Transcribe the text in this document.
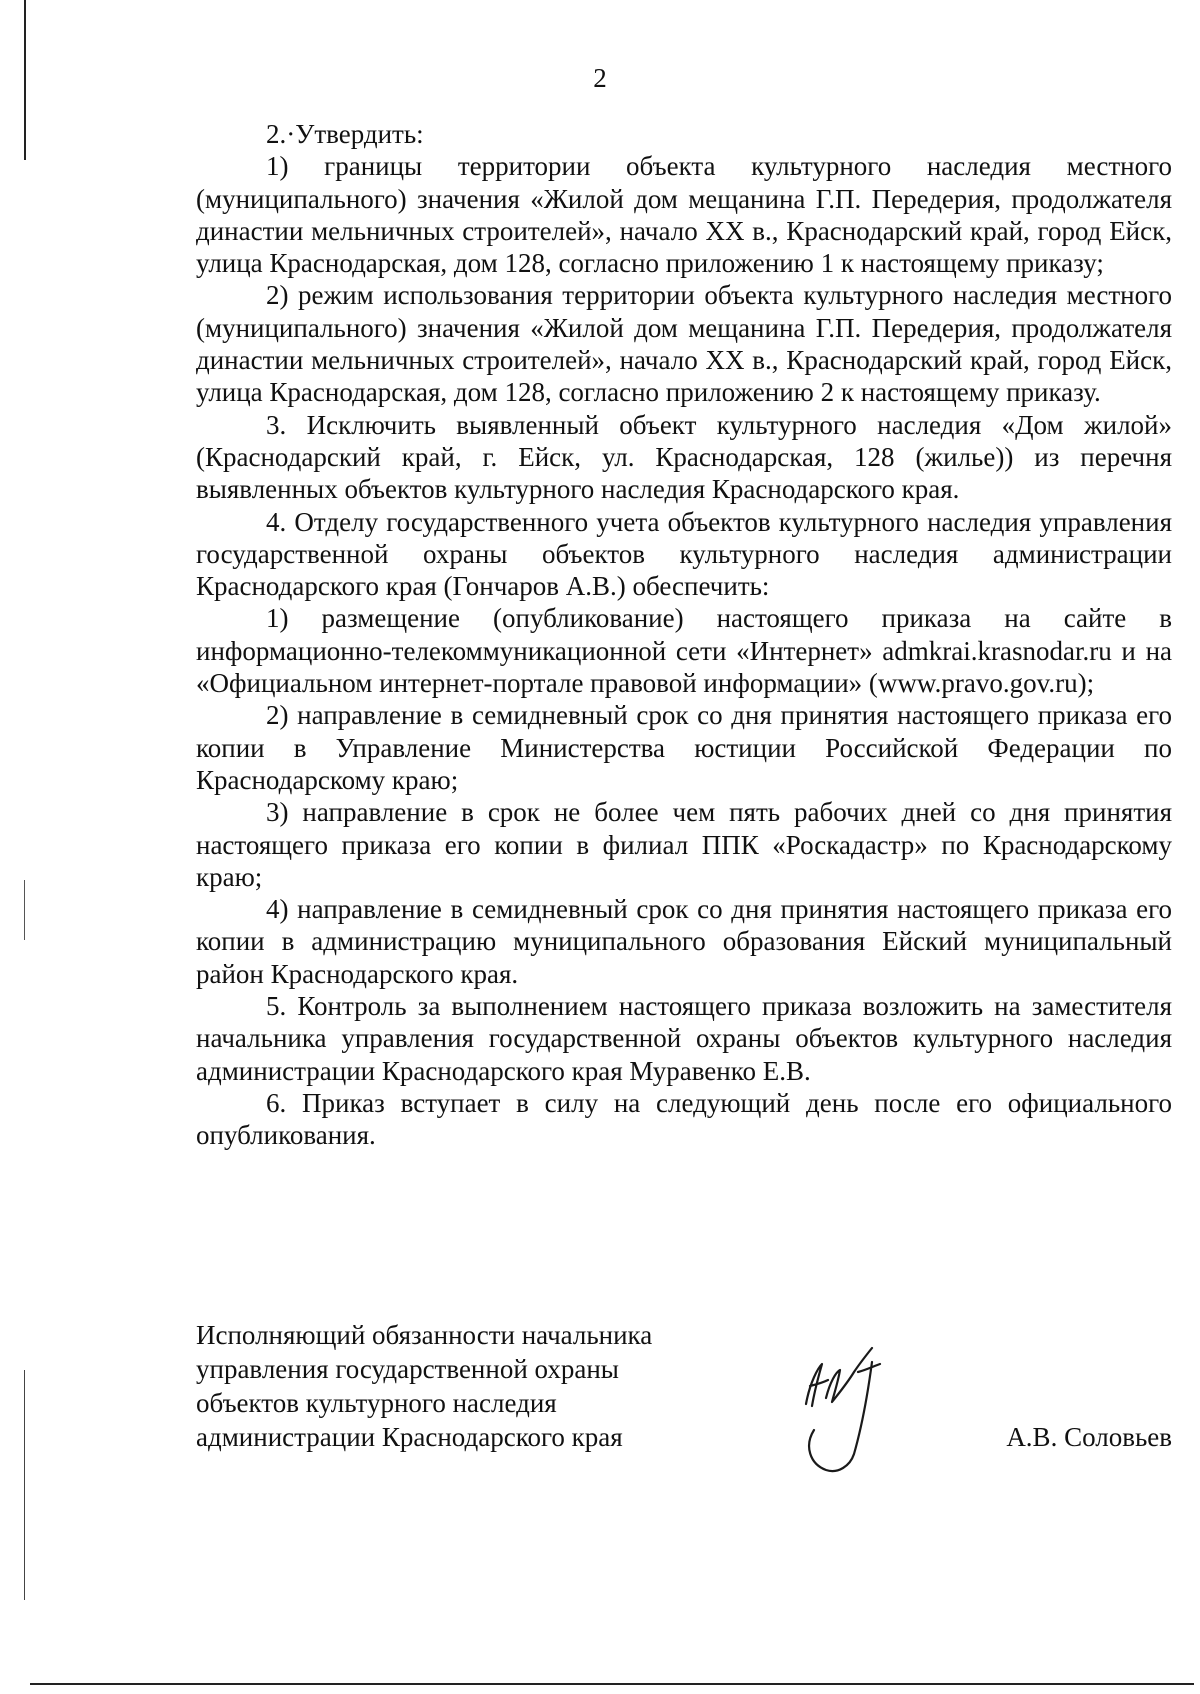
2

2.·Утвердить:

1) границы территории объекта культурного наследия местного (муниципального) значения «Жилой дом мещанина Г.П. Передерия, продолжателя династии мельничных строителей», начало XX в., Краснодарский край, город Ейск, улица Краснодарская, дом 128, согласно приложению 1 к настоящему приказу;

2) режим использования территории объекта культурного наследия местного (муниципального) значения «Жилой дом мещанина Г.П. Передерия, продолжателя династии мельничных строителей», начало XX в., Краснодарский край, город Ейск, улица Краснодарская, дом 128, согласно приложению 2 к настоящему приказу.

3. Исключить выявленный объект культурного наследия «Дом жилой» (Краснодарский край, г. Ейск, ул. Краснодарская, 128 (жилье)) из перечня выявленных объектов культурного наследия Краснодарского края.

4. Отделу государственного учета объектов культурного наследия управления государственной охраны объектов культурного наследия администрации Краснодарского края (Гончаров А.В.) обеспечить:

1) размещение (опубликование) настоящего приказа на сайте в информационно-телекоммуникационной сети «Интернет» admkrai.krasnodar.ru и на «Официальном интернет-портале правовой информации» (www.pravo.gov.ru);

2) направление в семидневный срок со дня принятия настоящего приказа его копии в Управление Министерства юстиции Российской Федерации по Краснодарскому краю;

3) направление в срок не более чем пять рабочих дней со дня принятия настоящего приказа его копии в филиал ППК «Роскадастр» по Краснодарскому краю;

4) направление в семидневный срок со дня принятия настоящего приказа его копии в администрацию муниципального образования Ейский муниципальный район Краснодарского края.

5. Контроль за выполнением настоящего приказа возложить на заместителя начальника управления государственной охраны объектов культурного наследия администрации Краснодарского края Муравенко Е.В.

6. Приказ вступает в силу на следующий день после его официального опубликования.

Исполняющий обязанности начальника
управления государственной охраны
объектов культурного наследия
администрации Краснодарского края	А.В. Соловьев
